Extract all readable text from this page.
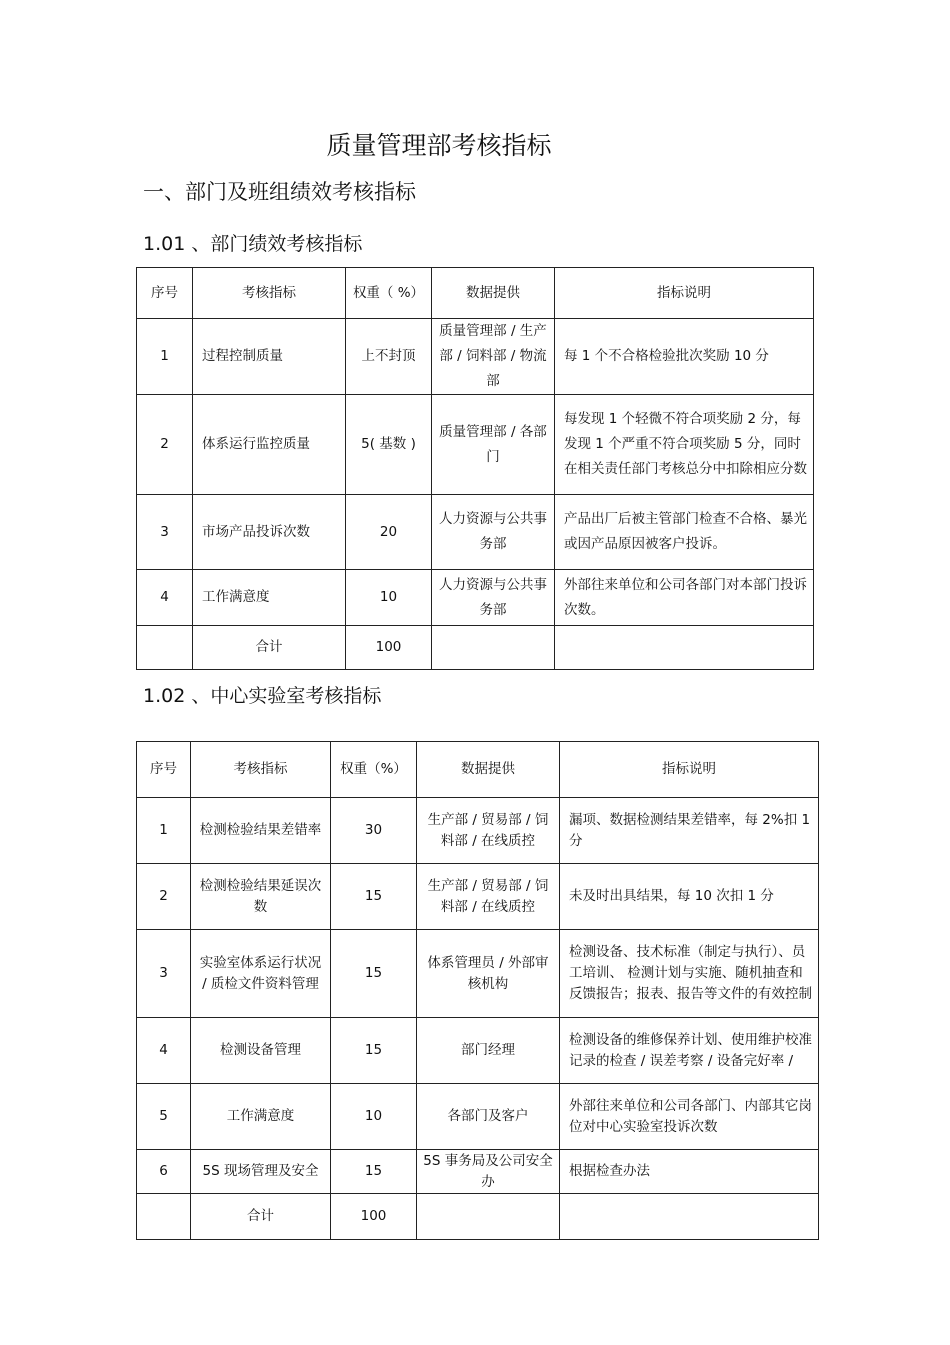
质量管理部考核指标
一、部门及班组绩效考核指标
1.01 、部门绩效考核指标
序号	考核指标	权重（ %）	数据提供	指标说明
1	过程控制质量	上不封顶	质量管理部 / 生产部 / 饲料部 / 物流部	每 1 个不合格检验批次奖励 10 分
2	体系运行监控质量	5( 基数 )	质量管理部 / 各部门	每发现 1 个轻微不符合项奖励 2 分，每发现 1 个严重不符合项奖励 5 分，同时在相关责任部门考核总分中扣除相应分数
3	市场产品投诉次数	20	人力资源与公共事务部	产品出厂后被主管部门检查不合格、暴光或因产品原因被客户投诉。
4	工作满意度	10	人力资源与公共事务部	外部往来单位和公司各部门对本部门投诉次数。
	合计	100		
1.02 、中心实验室考核指标
序号	考核指标	权重（%）	数据提供	指标说明
1	检测检验结果差错率	30	生产部 / 贸易部 / 饲料部 / 在线质控	漏项、数据检测结果差错率，每 2%扣 1 分
2	检测检验结果延误次数	15	生产部 / 贸易部 / 饲料部 / 在线质控	未及时出具结果，每 10 次扣 1 分
3	实验室体系运行状况 / 质检文件资料管理	15	体系管理员 / 外部审核机构	检测设备、技术标准（制定与执行）、员工培训、 检测计划与实施、随机抽查和反馈报告；报表、报告等文件的有效控制
4	检测设备管理	15	部门经理	检测设备的维修保养计划、使用维护校准记录的检查 / 误差考察 / 设备完好率 /
5	工作满意度	10	各部门及客户	外部往来单位和公司各部门、内部其它岗位对中心实验室投诉次数
6	5S 现场管理及安全	15	5S 事务局及公司安全办	根据检查办法
	合计	100		
